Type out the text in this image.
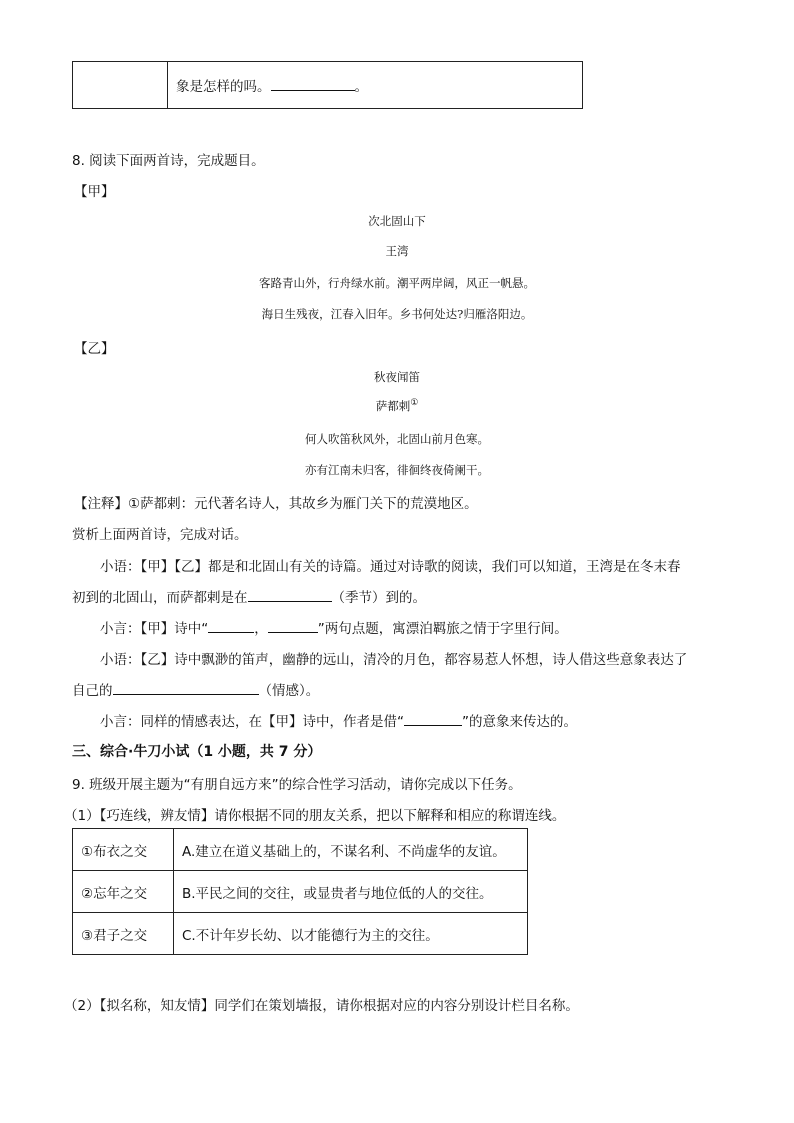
	象是怎样的吗。	。
8. 阅读下面两首诗，完成题目。
【甲】
次北固山下
王湾
客路青山外，行舟绿水前。潮平两岸阔，风正一帆悬。
海日生残夜，江春入旧年。乡书何处达?归雁洛阳边。
【乙】
秋夜闻笛
萨都剌①
何人吹笛秋风外，北固山前月色寒。
亦有江南未归客，徘徊终夜倚阑干。
【注释】①萨都剌：元代著名诗人，其故乡为雁门关下的荒漠地区。
赏析上面两首诗，完成对话。
小语：【甲】【乙】都是和北固山有关的诗篇。通过对诗歌的阅读，我们可以知道，王湾是在冬末春
初到的北固山，而萨都剌是在	（季节）到的。
小言：【甲】诗中“	，	”两句点题，寓漂泊羁旅之情于字里行间。
小语：【乙】诗中飘渺的笛声，幽静的远山，清冷的月色，都容易惹人怀想，诗人借这些意象表达了
自己的	（情感）。
小言：同样的情感表达，在【甲】诗中，作者是借“	”的意象来传达的。
三、综合·牛刀小试（1 小题，共 7 分）
9. 班级开展主题为“有朋自远方来”的综合性学习活动，请你完成以下任务。
（1）【巧连线，辨友情】请你根据不同的朋友关系，把以下解释和相应的称谓连线。
①布衣之交	A.建立在道义基础上的，不谋名利、不尚虚华的友谊。
②忘年之交	B.平民之间的交往，或显贵者与地位低的人的交往。
③君子之交	C.不计年岁长幼、以才能德行为主的交往。
（2）【拟名称，知友情】同学们在策划墙报，请你根据对应的内容分别设计栏目名称。
